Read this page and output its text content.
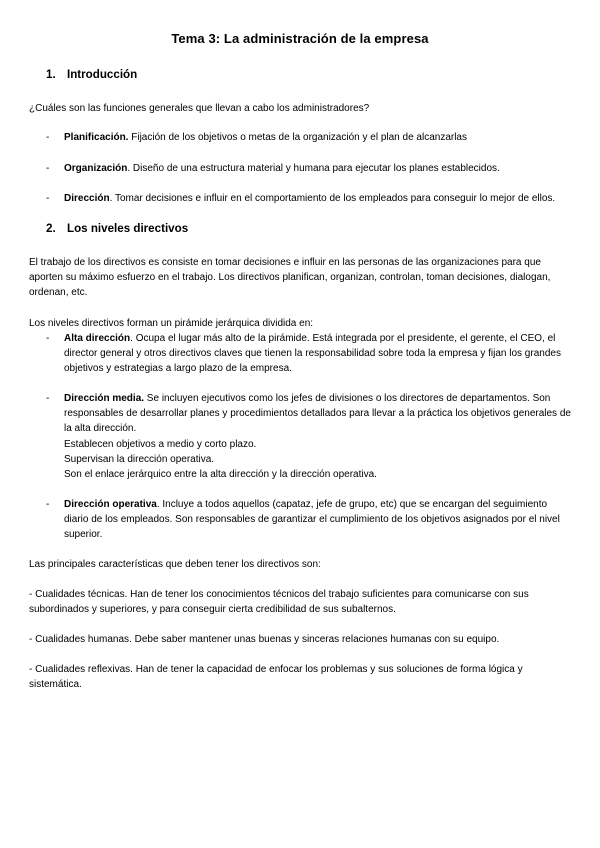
Tema 3: La administración de la empresa
1. Introducción
¿Cuáles son las funciones generales que llevan a cabo los administradores?
- Planificación. Fijación de los objetivos o metas de la organización y el plan de alcanzarlas
- Organización. Diseño de una estructura material y humana para ejecutar los planes establecidos.
- Dirección. Tomar decisiones e influir en el comportamiento de los empleados para conseguir lo mejor de ellos.
2. Los niveles directivos
El trabajo de los directivos es consiste en tomar decisiones e influir en las personas de las organizaciones para que aporten su máximo esfuerzo en el trabajo. Los directivos planifican, organizan, controlan, toman decisiones, dialogan, ordenan, etc.
Los niveles directivos forman un pirámide jerárquica dividida en:
- Alta dirección. Ocupa el lugar más alto de la pirámide. Está integrada por el presidente, el gerente, el CEO, el director general y otros directivos claves que tienen la responsabilidad sobre toda la empresa y fijan los grandes objetivos y estrategias a largo plazo de la empresa.
- Dirección media. Se incluyen ejecutivos como los jefes de divisiones o los directores de departamentos. Son responsables de desarrollar planes y procedimientos detallados para llevar a la práctica los objetivos generales de la alta dirección.
Establecen objetivos a medio y corto plazo.
Supervisan la dirección operativa.
Son el enlace jerárquico entre la alta dirección y la dirección operativa.
- Dirección operativa. Incluye a todos aquellos (capataz, jefe de grupo, etc) que se encargan del seguimiento diario de los empleados. Son responsables de garantizar el cumplimiento de los objetivos asignados por el nivel superior.
Las principales características que deben tener los directivos son:
- Cualidades técnicas. Han de tener los conocimientos técnicos del trabajo suficientes para comunicarse con sus subordinados y superiores, y para conseguir cierta credibilidad de sus subalternos.
- Cualidades humanas. Debe saber mantener unas buenas y sinceras relaciones humanas con su equipo.
- Cualidades reflexivas. Han de tener la capacidad de enfocar los problemas y sus soluciones de forma lógica y sistemática.
